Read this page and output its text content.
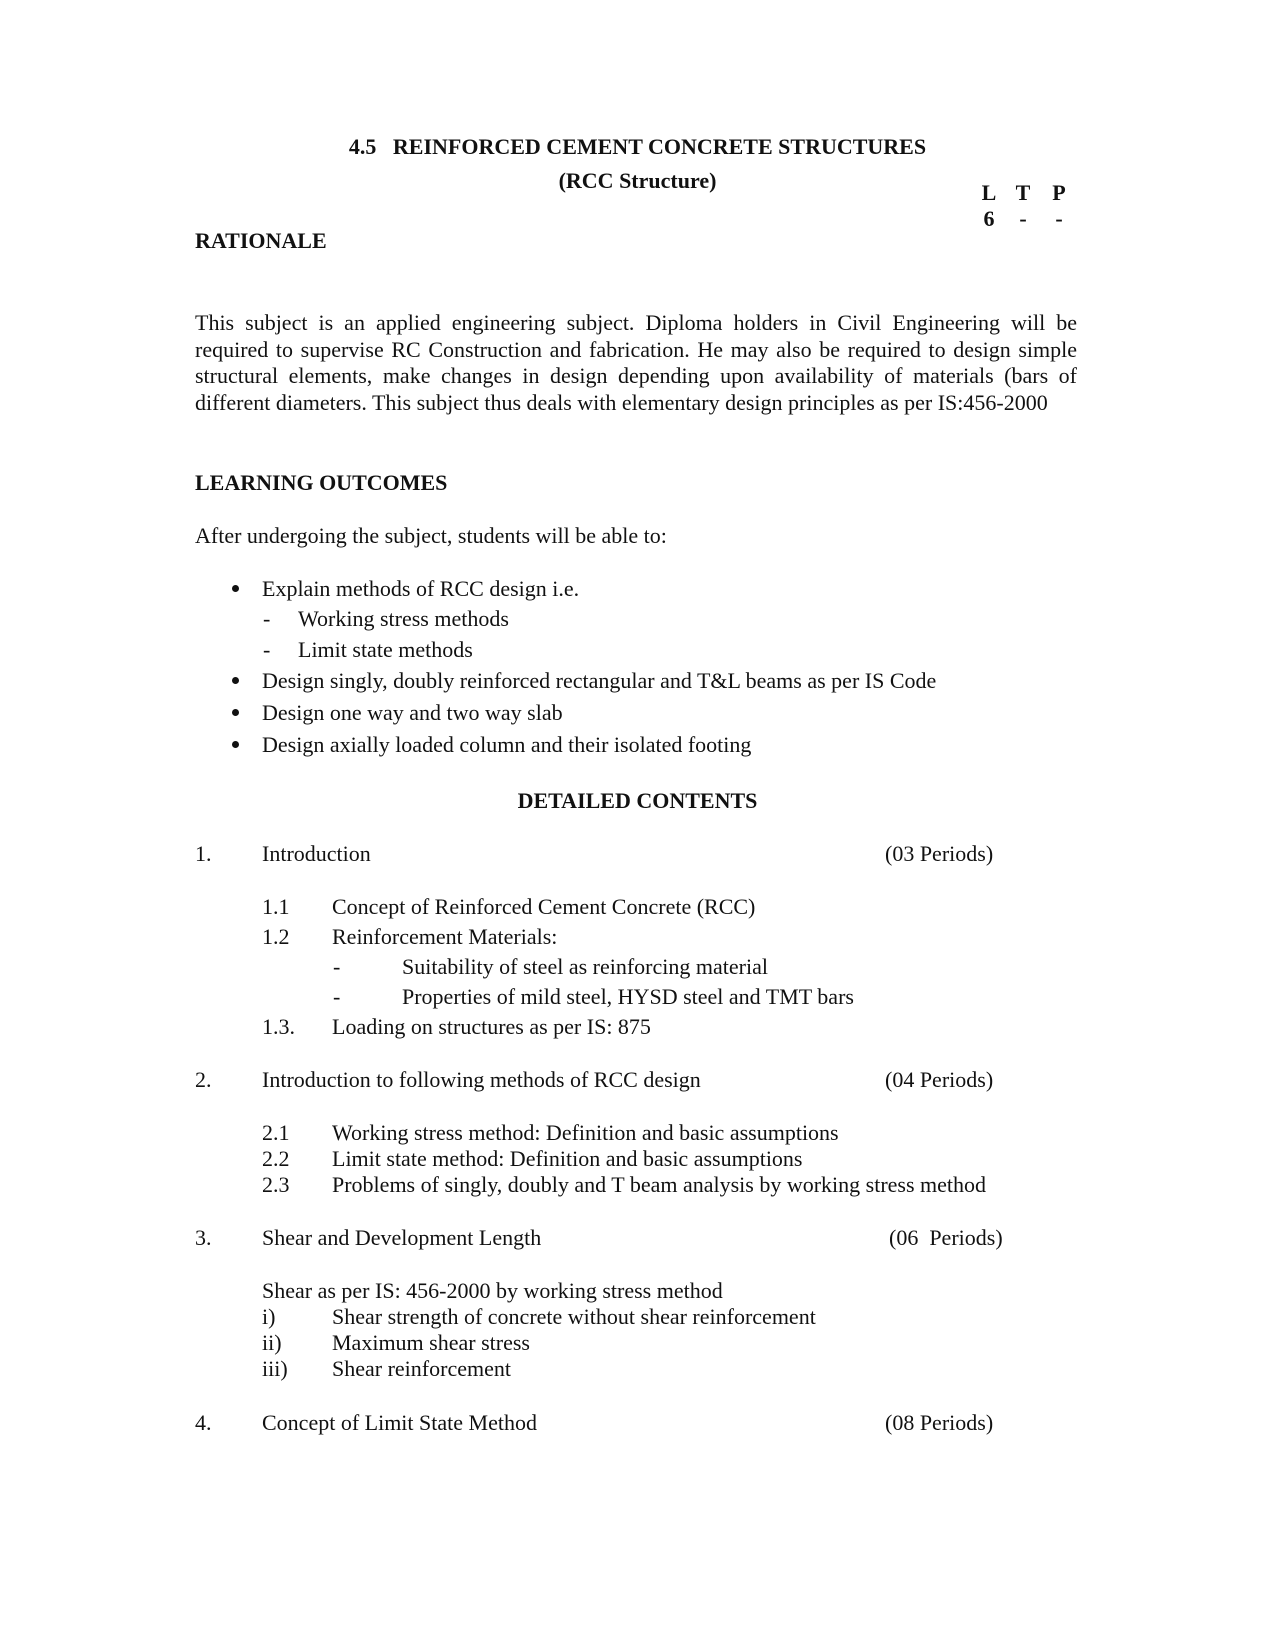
4.5   REINFORCED CEMENT CONCRETE STRUCTURES
(RCC Structure)	L T P
6	-	-
RATIONALE
This subject is an applied engineering subject. Diploma holders in Civil Engineering will be required to supervise RC Construction and fabrication. He may also be required to design simple structural elements, make changes in design depending upon availability of materials (bars of different diameters. This subject thus deals with elementary design principles as per IS:456-2000
LEARNING OUTCOMES
After undergoing the subject, students will be able to:
Explain methods of RCC design i.e.
- Working stress methods
- Limit state methods
Design singly, doubly reinforced rectangular and T&L beams as per IS Code
Design one way and two way slab
Design axially loaded column and their isolated footing
DETAILED CONTENTS
1. Introduction	(03 Periods)
1.1 Concept of Reinforced Cement Concrete (RCC)
1.2 Reinforcement Materials:
-	Suitability of steel as reinforcing material
-	Properties of mild steel, HYSD steel and TMT bars
1.3. Loading on structures as per IS: 875
2. Introduction to following methods of RCC design	(04 Periods)
2.1 Working stress method: Definition and basic assumptions
2.2 Limit state method: Definition and basic assumptions
2.3 Problems of singly, doubly and T beam analysis by working stress method
3. Shear and Development Length	(06  Periods)
Shear as per IS: 456-2000 by working stress method
i)	Shear strength of concrete without shear reinforcement
ii) Maximum shear stress
iii) Shear reinforcement
4. Concept of Limit State Method	(08 Periods)
